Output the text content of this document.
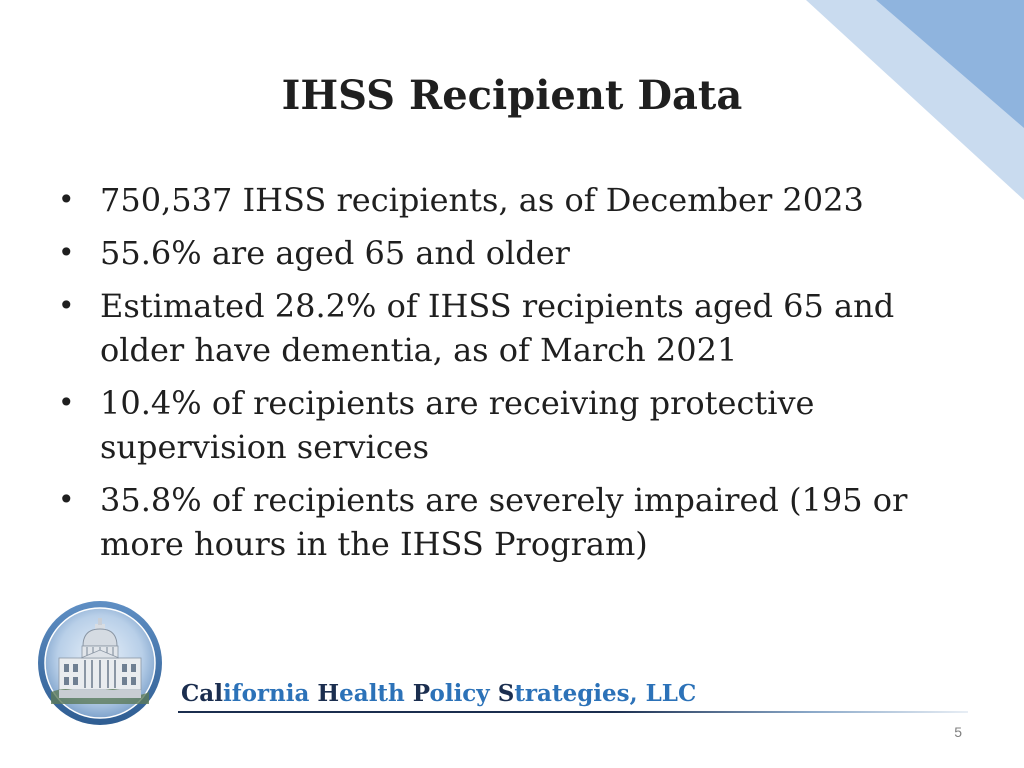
IHSS Recipient Data
• 750,537 IHSS recipients, as of December 2023
• 55.6% are aged 65 and older
• Estimated 28.2% of IHSS recipients aged 65 and older have dementia, as of March 2021
• 10.4% of recipients are receiving protective supervision services
• 35.8% of recipients are severely impaired (195 or more hours in the IHSS Program)
California Health Policy Strategies, LLC
5
